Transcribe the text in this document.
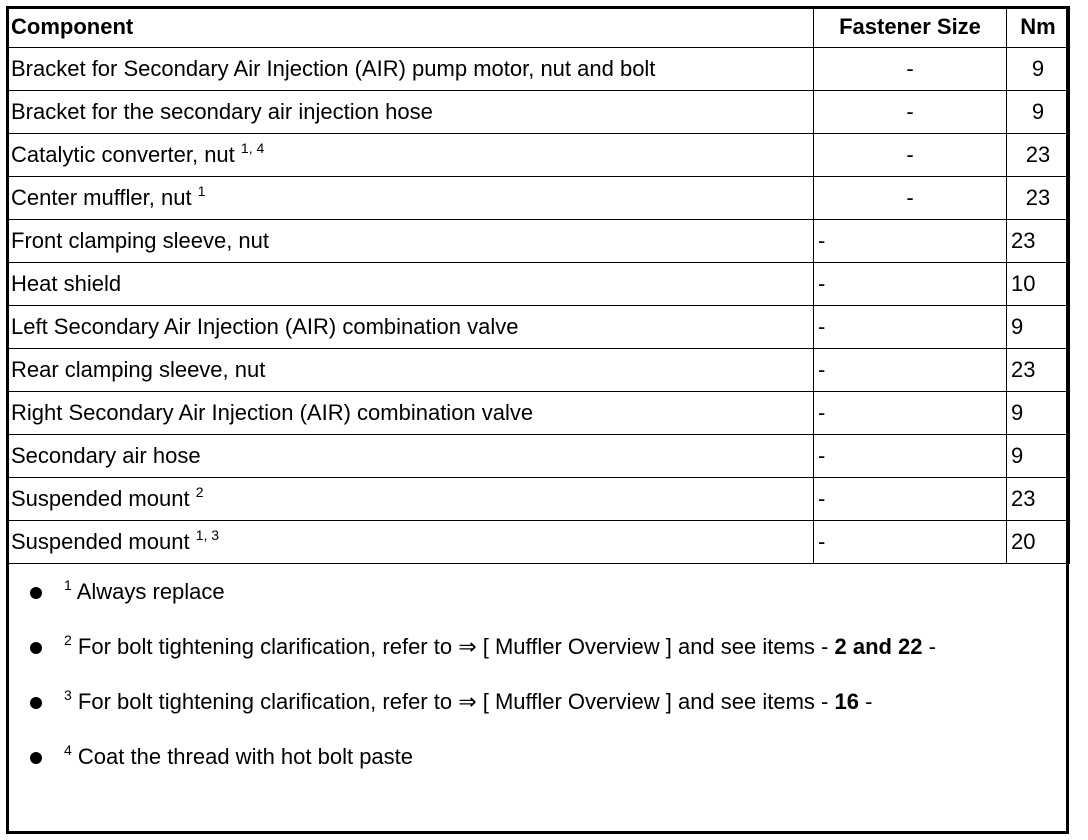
Component	Fastener Size	Nm
Bracket for Secondary Air Injection (AIR) pump motor, nut and bolt	-	9
Bracket for the secondary air injection hose	-	9
Catalytic converter, nut $^{1, 4}$	-	23
Center muffler, nut $^1$	-	23
Front clamping sleeve, nut	-	23
Heat shield	-	10
Left Secondary Air Injection (AIR) combination valve	-	9
Rear clamping sleeve, nut	-	23
Right Secondary Air Injection (AIR) combination valve	-	9
Secondary air hose	-	9
Suspended mount $^2$	-	23
Suspended mount $^{1, 3}$	-	20
$^1$ Always replace
$^2$ For bolt tightening clarification, refer to ⇒ [ Muffler Overview ] and see items - 2 and 22 -
$^3$ For bolt tightening clarification, refer to ⇒ [ Muffler Overview ] and see items - 16 -
$^4$ Coat the thread with hot bolt paste
